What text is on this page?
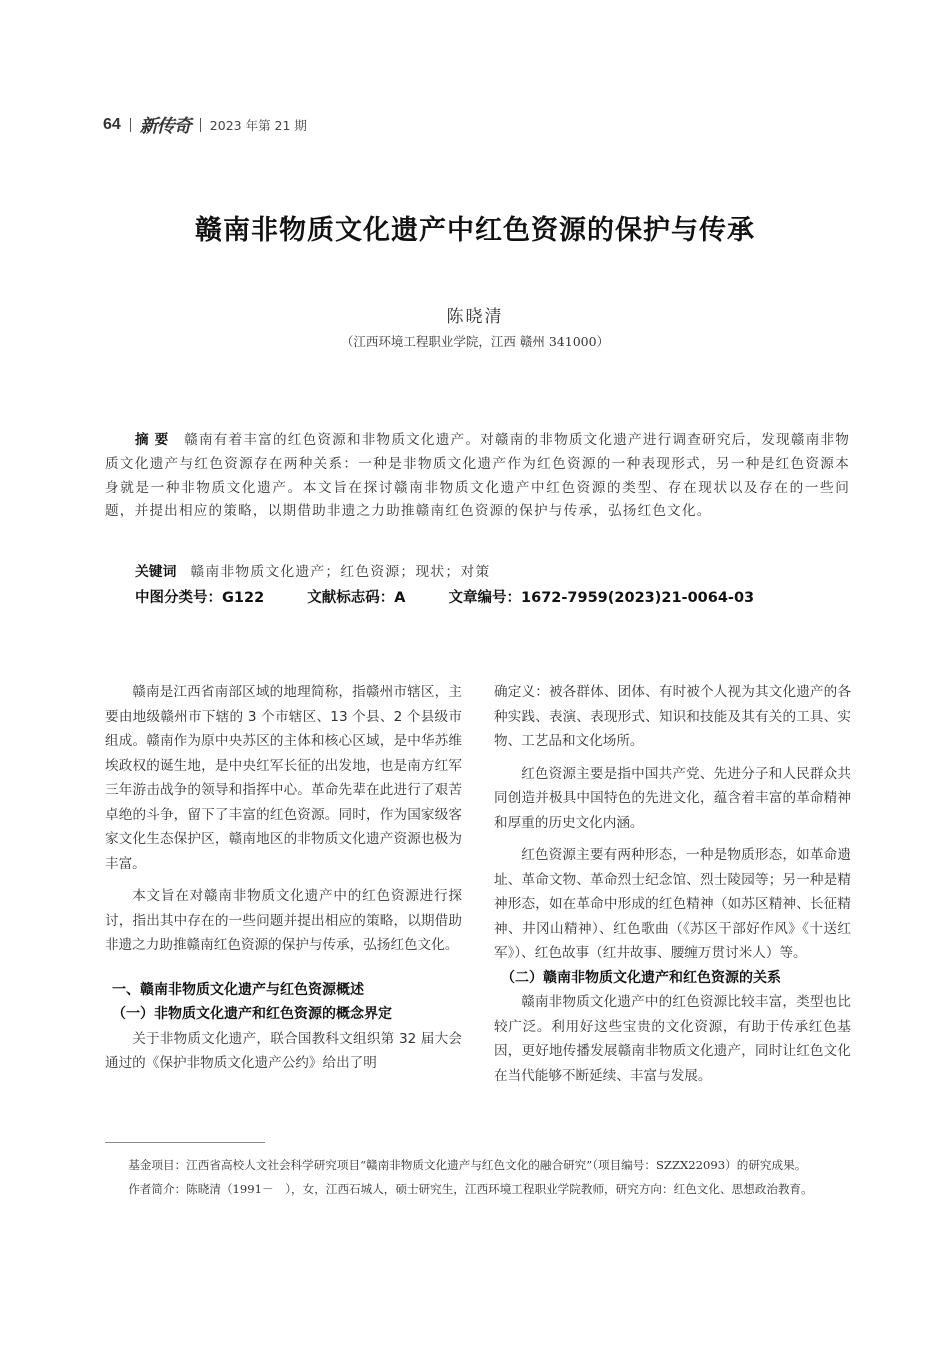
64 新传奇 2023 年第 21 期
赣南非物质文化遗产中红色资源的保护与传承
陈晓清
（江西环境工程职业学院，江西 赣州 341000）
摘要 赣南有着丰富的红色资源和非物质文化遗产。对赣南的非物质文化遗产进行调查研究后，发现赣南非物质文化遗产与红色资源存在两种关系：一种是非物质文化遗产作为红色资源的一种表现形式，另一种是红色资源本身就是一种非物质文化遗产。本文旨在探讨赣南非物质文化遗产中红色资源的类型、存在现状以及存在的一些问题，并提出相应的策略，以期借助非遗之力助推赣南红色资源的保护与传承，弘扬红色文化。
关键词 赣南非物质文化遗产；红色资源；现状；对策
中图分类号：G122	文献标志码：A	文章编号：1672-7959(2023)21-0064-03

赣南是江西省南部区域的地理简称，指赣州市辖区，主要由地级赣州市下辖的 3 个市辖区、13 个县、2 个县级市组成。赣南作为原中央苏区的主体和核心区域，是中华苏维埃政权的诞生地，是中央红军长征的出发地，也是南方红军三年游击战争的领导和指挥中心。革命先辈在此进行了艰苦卓绝的斗争，留下了丰富的红色资源。同时，作为国家级客家文化生态保护区，赣南地区的非物质文化遗产资源也极为丰富。

本文旨在对赣南非物质文化遗产中的红色资源进行探讨，指出其中存在的一些问题并提出相应的策略，以期借助非遗之力助推赣南红色资源的保护与传承，弘扬红色文化。

一、赣南非物质文化遗产与红色资源概述
（一）非物质文化遗产和红色资源的概念界定

关于非物质文化遗产，联合国教科文组织第 32 届大会通过的《保护非物质文化遗产公约》给出了明

确定义：被各群体、团体、有时被个人视为其文化遗产的各种实践、表演、表现形式、知识和技能及其有关的工具、实物、工艺品和文化场所。

红色资源主要是指中国共产党、先进分子和人民群众共同创造并极具中国特色的先进文化，蕴含着丰富的革命精神和厚重的历史文化内涵。

红色资源主要有两种形态，一种是物质形态，如革命遗址、革命文物、革命烈士纪念馆、烈士陵园等；另一种是精神形态，如在革命中形成的红色精神（如苏区精神、长征精神、井冈山精神）、红色歌曲（《苏区干部好作风》《十送红军》）、红色故事（红井故事、腰缠万贯讨米人）等。

（二）赣南非物质文化遗产和红色资源的关系

赣南非物质文化遗产中的红色资源比较丰富，类型也比较广泛。利用好这些宝贵的文化资源，有助于传承红色基因，更好地传播发展赣南非物质文化遗产，同时让红色文化在当代能够不断延续、丰富与发展。

基金项目：江西省高校人文社会科学研究项目“赣南非物质文化遗产与红色文化的融合研究”（项目编号：SZZX22093）的研究成果。

作者简介：陈晓清（1991－　），女，江西石城人，硕士研究生，江西环境工程职业学院教师，研究方向：红色文化、思想政治教育。
